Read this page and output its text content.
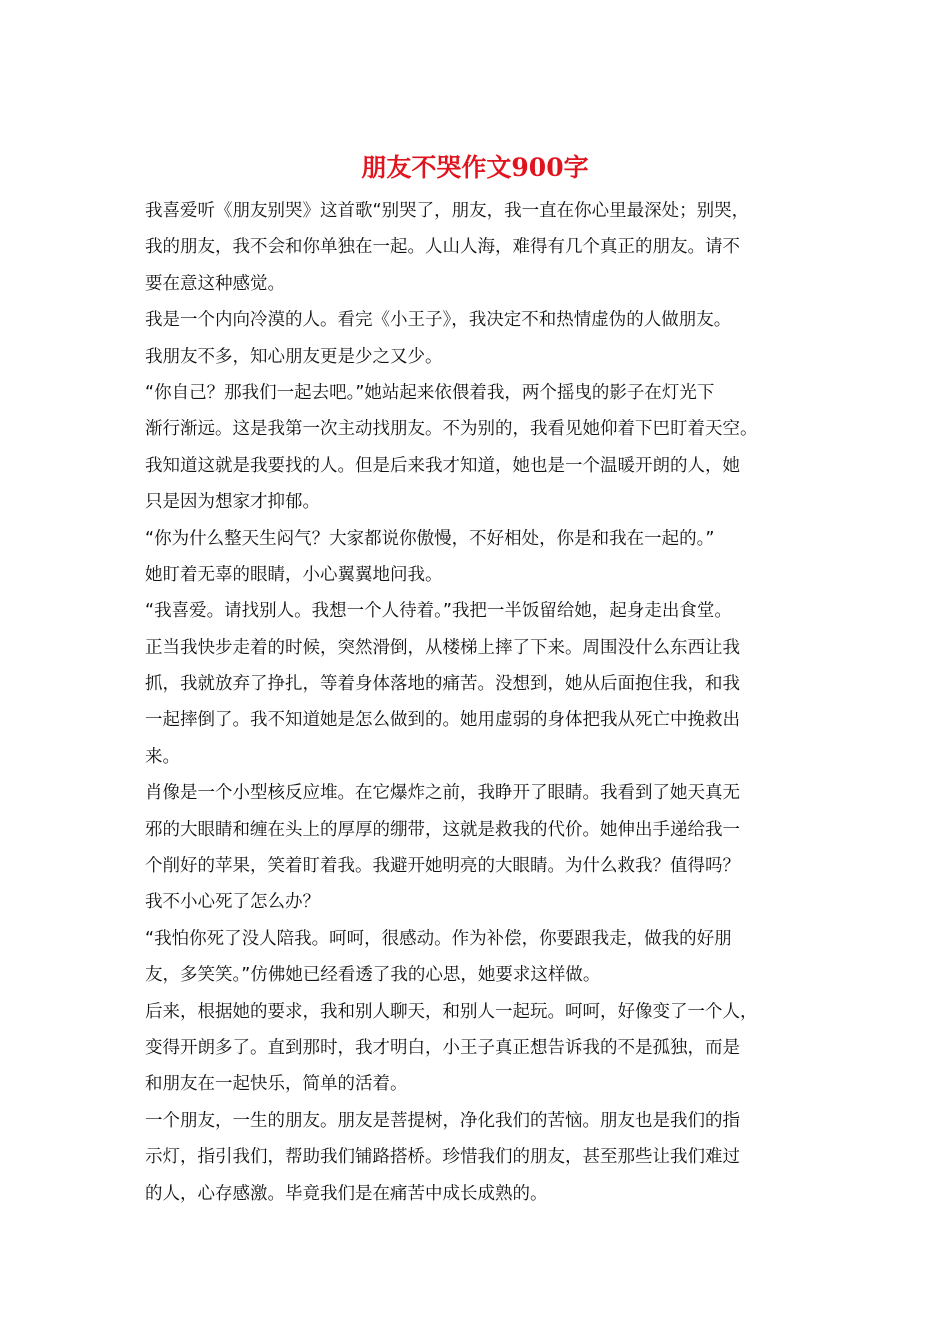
朋友不哭作文900字
我喜爱听《朋友别哭》这首歌“别哭了，朋友，我一直在你心里最深处；别哭，
我的朋友，我不会和你单独在一起。人山人海，难得有几个真正的朋友。请不
要在意这种感觉。
我是一个内向冷漠的人。看完《小王子》，我决定不和热情虚伪的人做朋友。
我朋友不多，知心朋友更是少之又少。
“你自己？那我们一起去吧。”她站起来依偎着我，两个摇曳的影子在灯光下
渐行渐远。这是我第一次主动找朋友。不为别的，我看见她仰着下巴盯着天空。
我知道这就是我要找的人。但是后来我才知道，她也是一个温暖开朗的人，她
只是因为想家才抑郁。
“你为什么整天生闷气？大家都说你傲慢，不好相处，你是和我在一起的。”
她盯着无辜的眼睛，小心翼翼地问我。
“我喜爱。请找别人。我想一个人待着。”我把一半饭留给她，起身走出食堂。
正当我快步走着的时候，突然滑倒，从楼梯上摔了下来。周围没什么东西让我
抓，我就放弃了挣扎，等着身体落地的痛苦。没想到，她从后面抱住我，和我
一起摔倒了。我不知道她是怎么做到的。她用虚弱的身体把我从死亡中挽救出
来。
肖像是一个小型核反应堆。在它爆炸之前，我睁开了眼睛。我看到了她天真无
邪的大眼睛和缠在头上的厚厚的绷带，这就是救我的代价。她伸出手递给我一
个削好的苹果，笑着盯着我。我避开她明亮的大眼睛。为什么救我？值得吗？
我不小心死了怎么办？
“我怕你死了没人陪我。呵呵，很感动。作为补偿，你要跟我走，做我的好朋
友，多笑笑。”仿佛她已经看透了我的心思，她要求这样做。
后来，根据她的要求，我和别人聊天，和别人一起玩。呵呵，好像变了一个人，
变得开朗多了。直到那时，我才明白，小王子真正想告诉我的不是孤独，而是
和朋友在一起快乐，简单的活着。
一个朋友，一生的朋友。朋友是菩提树，净化我们的苦恼。朋友也是我们的指
示灯，指引我们，帮助我们铺路搭桥。珍惜我们的朋友，甚至那些让我们难过
的人，心存感激。毕竟我们是在痛苦中成长成熟的。
